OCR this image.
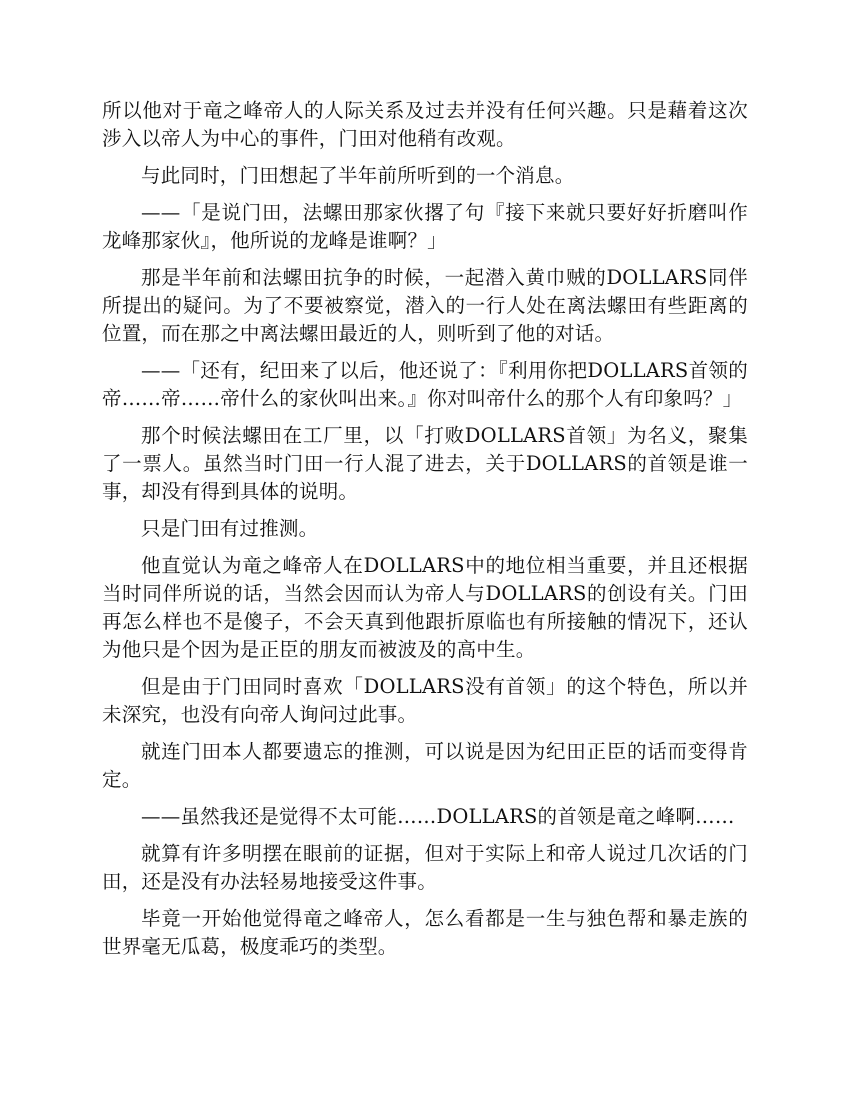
所以他对于竜之峰帝人的人际关系及过去并没有任何兴趣。只是藉着这次涉入以帝人为中心的事件，门田对他稍有改观。

与此同时，门田想起了半年前所听到的一个消息。

——「是说门田，法螺田那家伙撂了句『接下来就只要好好折磨叫作龙峰那家伙』，他所说的龙峰是谁啊？」

那是半年前和法螺田抗争的时候，一起潜入黄巾贼的DOLLARS同伴所提出的疑问。为了不要被察觉，潜入的一行人处在离法螺田有些距离的位置，而在那之中离法螺田最近的人，则听到了他的对话。

——「还有，纪田来了以后，他还说了：『利用你把DOLLARS首领的帝……帝……帝什么的家伙叫出来。』你对叫帝什么的那个人有印象吗？」

那个时候法螺田在工厂里，以「打败DOLLARS首领」为名义，聚集了一票人。虽然当时门田一行人混了进去，关于DOLLARS的首领是谁一事，却没有得到具体的说明。

只是门田有过推测。

他直觉认为竜之峰帝人在DOLLARS中的地位相当重要，并且还根据当时同伴所说的话，当然会因而认为帝人与DOLLARS的创设有关。门田再怎么样也不是傻子，不会天真到他跟折原临也有所接触的情况下，还认为他只是个因为是正臣的朋友而被波及的高中生。

但是由于门田同时喜欢「DOLLARS没有首领」的这个特色，所以并未深究，也没有向帝人询问过此事。

就连门田本人都要遗忘的推测，可以说是因为纪田正臣的话而变得肯定。

——虽然我还是觉得不太可能……DOLLARS的首领是竜之峰啊……

就算有许多明摆在眼前的证据，但对于实际上和帝人说过几次话的门田，还是没有办法轻易地接受这件事。

毕竟一开始他觉得竜之峰帝人，怎么看都是一生与独色帮和暴走族的世界毫无瓜葛，极度乖巧的类型。
